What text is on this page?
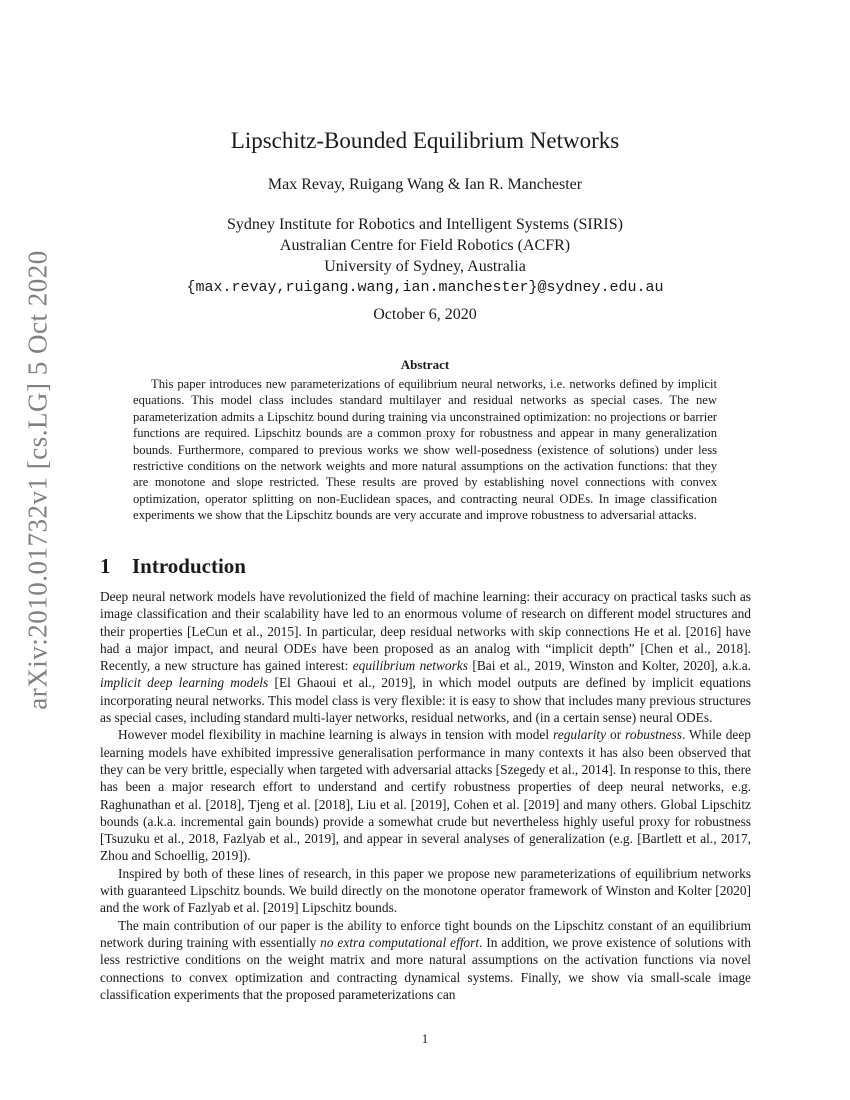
arXiv:2010.01732v1 [cs.LG] 5 Oct 2020
Lipschitz-Bounded Equilibrium Networks
Max Revay, Ruigang Wang & Ian R. Manchester
Sydney Institute for Robotics and Intelligent Systems (SIRIS)
Australian Centre for Field Robotics (ACFR)
University of Sydney, Australia
{max.revay,ruigang.wang,ian.manchester}@sydney.edu.au
October 6, 2020
Abstract
This paper introduces new parameterizations of equilibrium neural networks, i.e. networks defined by implicit equations. This model class includes standard multilayer and residual networks as special cases. The new parameterization admits a Lipschitz bound during training via unconstrained optimization: no projections or barrier functions are required. Lipschitz bounds are a common proxy for robustness and appear in many generalization bounds. Furthermore, compared to previous works we show well-posedness (existence of solutions) under less restrictive conditions on the network weights and more natural assumptions on the activation functions: that they are monotone and slope restricted. These results are proved by establishing novel connections with convex optimization, operator splitting on non-Euclidean spaces, and contracting neural ODEs. In image classification experiments we show that the Lipschitz bounds are very accurate and improve robustness to adversarial attacks.
1 Introduction

Deep neural network models have revolutionized the field of machine learning: their accuracy on practical tasks such as image classification and their scalability have led to an enormous volume of research on different model structures and their properties [LeCun et al., 2015]. In particular, deep residual networks with skip connections He et al. [2016] have had a major impact, and neural ODEs have been proposed as an analog with “implicit depth” [Chen et al., 2018]. Recently, a new structure has gained interest: equilibrium networks [Bai et al., 2019, Winston and Kolter, 2020], a.k.a. implicit deep learning models [El Ghaoui et al., 2019], in which model outputs are defined by implicit equations incorporating neural networks. This model class is very flexible: it is easy to show that includes many previous structures as special cases, including standard multi-layer networks, residual networks, and (in a certain sense) neural ODEs.

However model flexibility in machine learning is always in tension with model regularity or robustness. While deep learning models have exhibited impressive generalisation performance in many contexts it has also been observed that they can be very brittle, especially when targeted with adversarial attacks [Szegedy et al., 2014]. In response to this, there has been a major research effort to understand and certify robustness properties of deep neural networks, e.g. Raghunathan et al. [2018], Tjeng et al. [2018], Liu et al. [2019], Cohen et al. [2019] and many others. Global Lipschitz bounds (a.k.a. incremental gain bounds) provide a somewhat crude but nevertheless highly useful proxy for robustness [Tsuzuku et al., 2018, Fazlyab et al., 2019], and appear in several analyses of generalization (e.g. [Bartlett et al., 2017, Zhou and Schoellig, 2019]).

Inspired by both of these lines of research, in this paper we propose new parameterizations of equilibrium networks with guaranteed Lipschitz bounds. We build directly on the monotone operator framework of Winston and Kolter [2020] and the work of Fazlyab et al. [2019] Lipschitz bounds.

The main contribution of our paper is the ability to enforce tight bounds on the Lipschitz constant of an equilibrium network during training with essentially no extra computational effort. In addition, we prove existence of solutions with less restrictive conditions on the weight matrix and more natural assumptions on the activation functions via novel connections to convex optimization and contracting dynamical systems. Finally, we show via small-scale image classification experiments that the proposed parameterizations can

1
